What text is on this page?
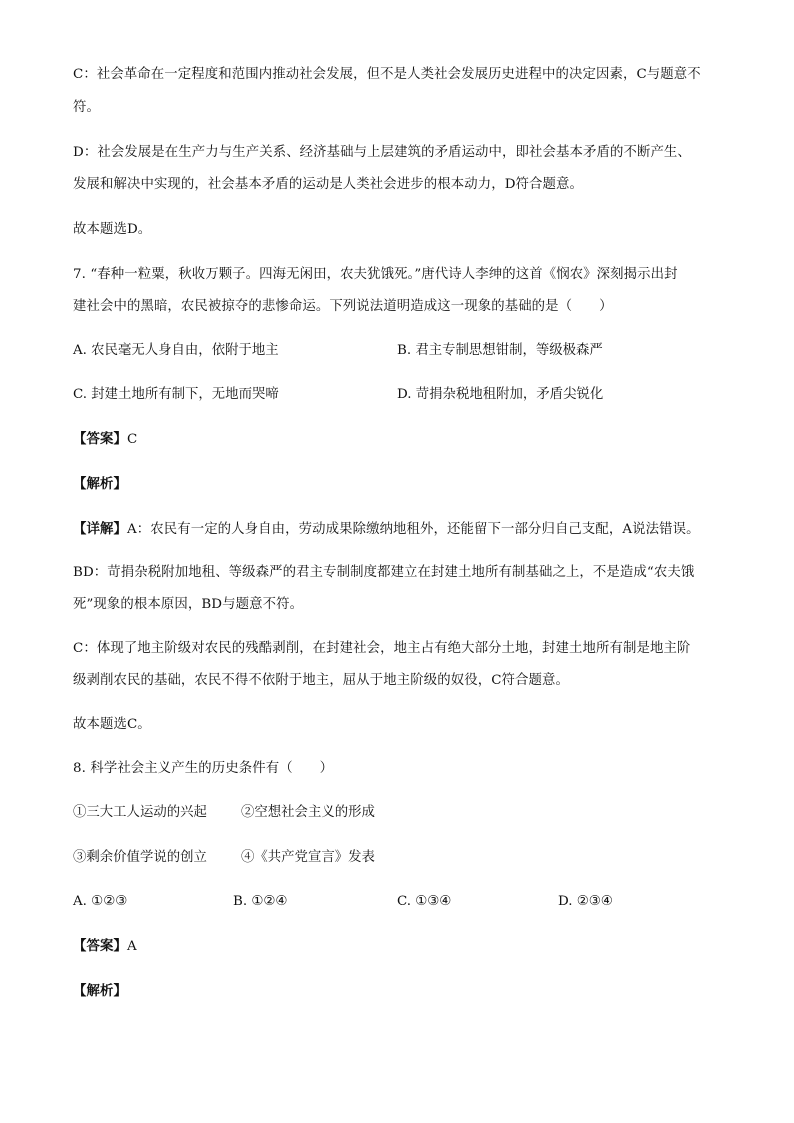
C：社会革命在一定程度和范围内推动社会发展，但不是人类社会发展历史进程中的决定因素，C与题意不
符。
D：社会发展是在生产力与生产关系、经济基础与上层建筑的矛盾运动中，即社会基本矛盾的不断产生、
发展和解决中实现的，社会基本矛盾的运动是人类社会进步的根本动力，D符合题意。
故本题选D。
7. “春种一粒粟，秋收万颗子。四海无闲田，农夫犹饿死。”唐代诗人李绅的这首《悯农》深刻揭示出封
建社会中的黑暗，农民被掠夺的悲惨命运。下列说法道明造成这一现象的基础的是（　　）
A. 农民毫无人身自由，依附于地主	B. 君主专制思想钳制，等级极森严
C. 封建土地所有制下，无地而哭啼	D. 苛捐杂税地租附加，矛盾尖锐化
【答案】C
【解析】
【详解】A：农民有一定的人身自由，劳动成果除缴纳地租外，还能留下一部分归自己支配，A说法错误。
BD：苛捐杂税附加地租、等级森严的君主专制制度都建立在封建土地所有制基础之上，不是造成“农夫饿
死”现象的根本原因，BD与题意不符。
C：体现了地主阶级对农民的残酷剥削，在封建社会，地主占有绝大部分土地，封建土地所有制是地主阶
级剥削农民的基础，农民不得不依附于地主，屈从于地主阶级的奴役，C符合题意。
故本题选C。
8. 科学社会主义产生的历史条件有（　　）
①三大工人运动的兴起	②空想社会主义的形成
③剩余价值学说的创立	④《共产党宣言》发表
A. ①②③	B. ①②④	C. ①③④	D. ②③④
【答案】A
【解析】
